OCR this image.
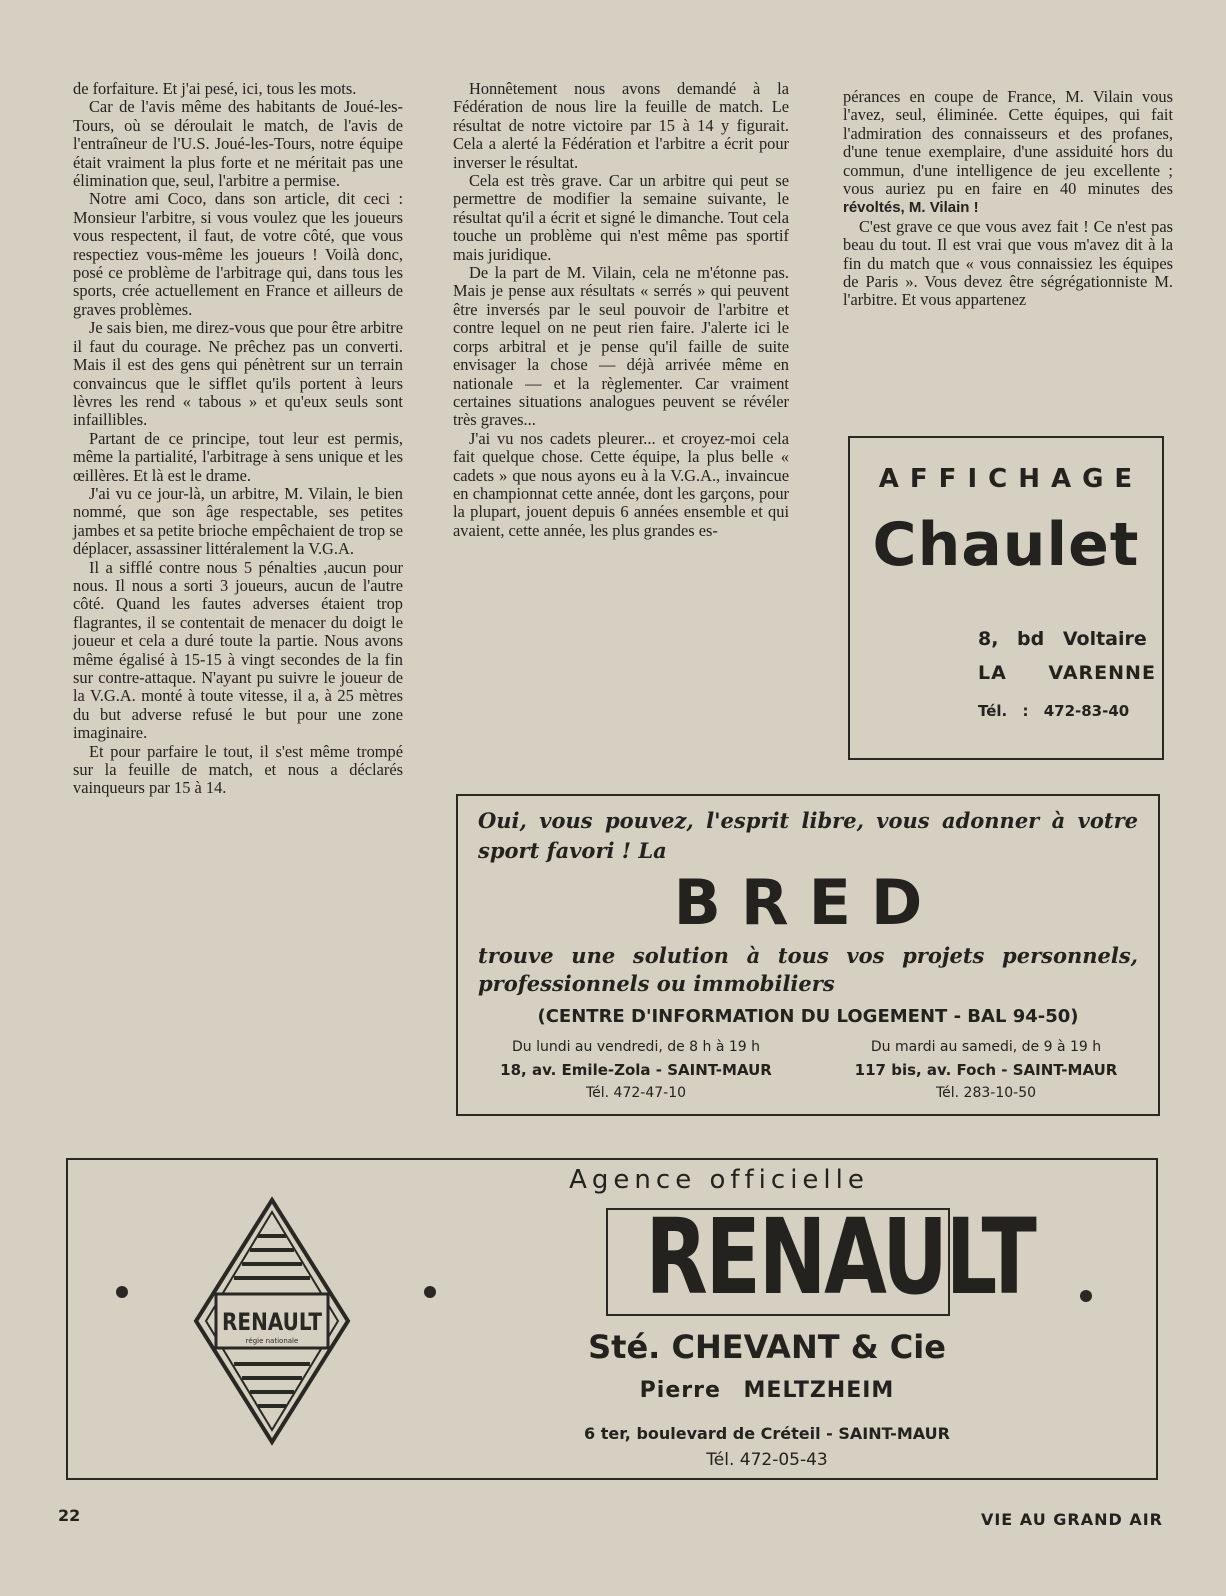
de forfaiture. Et j'ai pesé, ici, tous les mots.

Car de l'avis même des habitants de Joué-les-Tours, où se déroulait le match, de l'avis de l'entraîneur de l'U.S. Joué-les-Tours, notre équipe était vraiment la plus forte et ne méritait pas une élimination que, seul, l'arbitre a permise.

Notre ami Coco, dans son article, dit ceci : Monsieur l'arbitre, si vous voulez que les joueurs vous respectent, il faut, de votre côté, que vous respectiez vous-même les joueurs ! Voilà donc, posé ce problème de l'arbitrage qui, dans tous les sports, crée actuellement en France et ailleurs de graves problèmes.

Je sais bien, me direz-vous que pour être arbitre il faut du courage. Ne prêchez pas un converti. Mais il est des gens qui pénètrent sur un terrain convaincus que le sifflet qu'ils portent à leurs lèvres les rend « tabous » et qu'eux seuls sont infaillibles.

Partant de ce principe, tout leur est permis, même la partialité, l'arbitrage à sens unique et les œillères. Et là est le drame.

J'ai vu ce jour-là, un arbitre, M. Vilain, le bien nommé, que son âge respectable, ses petites jambes et sa petite brioche empêchaient de trop se déplacer, assassiner littéralement la V.G.A.

Il a sifflé contre nous 5 pénalties ,aucun pour nous. Il nous a sorti 3 joueurs, aucun de l'autre côté. Quand les fautes adverses étaient trop flagrantes, il se contentait de menacer du doigt le joueur et cela a duré toute la partie. Nous avons même égalisé à 15-15 à vingt secondes de la fin sur contre-attaque. N'ayant pu suivre le joueur de la V.G.A. monté à toute vitesse, il a, à 25 mètres du but adverse refusé le but pour une zone imaginaire.

Et pour parfaire le tout, il s'est même trompé sur la feuille de match, et nous a déclarés vainqueurs par 15 à 14.

Honnêtement nous avons demandé à la Fédération de nous lire la feuille de match. Le résultat de notre victoire par 15 à 14 y figurait. Cela a alerté la Fédération et l'arbitre a écrit pour inverser le résultat.

Cela est très grave. Car un arbitre qui peut se permettre de modifier la semaine suivante, le résultat qu'il a écrit et signé le dimanche. Tout cela touche un problème qui n'est même pas sportif mais juridique.

De la part de M. Vilain, cela ne m'étonne pas. Mais je pense aux résultats « serrés » qui peuvent être inversés par le seul pouvoir de l'arbitre et contre lequel on ne peut rien faire. J'alerte ici le corps arbitral et je pense qu'il faille de suite envisager la chose — déjà arrivée même en nationale — et la règlementer. Car vraiment certaines situations analogues peuvent se révéler très graves...

J'ai vu nos cadets pleurer... et croyez-moi cela fait quelque chose. Cette équipe, la plus belle « cadets » que nous ayons eu à la V.G.A., invaincue en championnat cette année, dont les garçons, pour la plupart, jouent depuis 6 années ensemble et qui avaient, cette année, les plus grandes es-

pérances en coupe de France, M. Vilain vous l'avez, seul, éliminée. Cette équipes, qui fait l'admiration des connaisseurs et des profanes, d'une tenue exemplaire, d'une assiduité hors du commun, d'une intelligence de jeu excellente ; vous auriez pu en faire en 40 minutes des révoltés, M. Vilain !

C'est grave ce que vous avez fait ! Ce n'est pas beau du tout. Il est vrai que vous m'avez dit à la fin du match que « vous connaissiez les équipes de Paris ». Vous devez être ségrégationniste M. l'arbitre. Et vous appartenez

AFFICHAGE
Chaulet
8, bd Voltaire
LA VARENNE
Tél. : 472-83-40
Oui, vous pouvez, l'esprit libre, vous adonner à votre sport favori ! La
BRED
trouve une solution à tous vos projets personnels, professionnels ou immobiliers
(CENTRE D'INFORMATION DU LOGEMENT - BAL 94-50)
Du lundi au vendredi, de 8 h à 19 h
18, av. Emile-Zola - SAINT-MAUR
Tél. 472-47-10
Du mardi au samedi, de 9 à 19 h
117 bis, av. Foch - SAINT-MAUR
Tél. 283-10-50
Agence officielle
RENAULT
régie nationale
RENAULT
Sté. CHEVANT & Cie
Pierre MELTZHEIM
6 ter, boulevard de Créteil - SAINT-MAUR
Tél. 472-05-43
22	VIE AU GRAND AIR
